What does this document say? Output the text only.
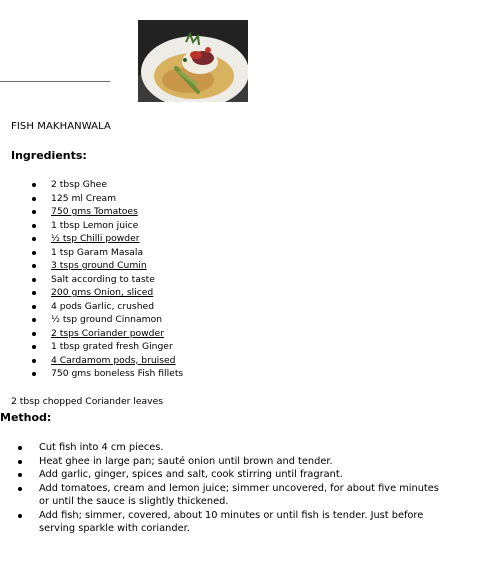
FISH MAKHANWALA
Ingredients:
2 tbsp Ghee
125 ml Cream
750 gms Tomatoes
1 tbsp Lemon juice
½ tsp Chilli powder
1 tsp Garam Masala
3 tsps ground Cumin
Salt according to taste
200 gms Onion, sliced
4 pods Garlic, crushed
½ tsp ground Cinnamon
2 tsps Coriander powder
1 tbsp grated fresh Ginger
4 Cardamom pods, bruised
750 gms boneless Fish fillets
2 tbsp chopped Coriander leaves
Method:
Cut fish into 4 cm pieces.
Heat ghee in large pan; sauté onion until brown and tender.
Add garlic, ginger, spices and salt, cook stirring until fragrant.
Add tomatoes, cream and lemon juice; simmer uncovered, for about five minutes
or until the sauce is slightly thickened.
Add fish; simmer, covered, about 10 minutes or until fish is tender. Just before
serving sparkle with coriander.
